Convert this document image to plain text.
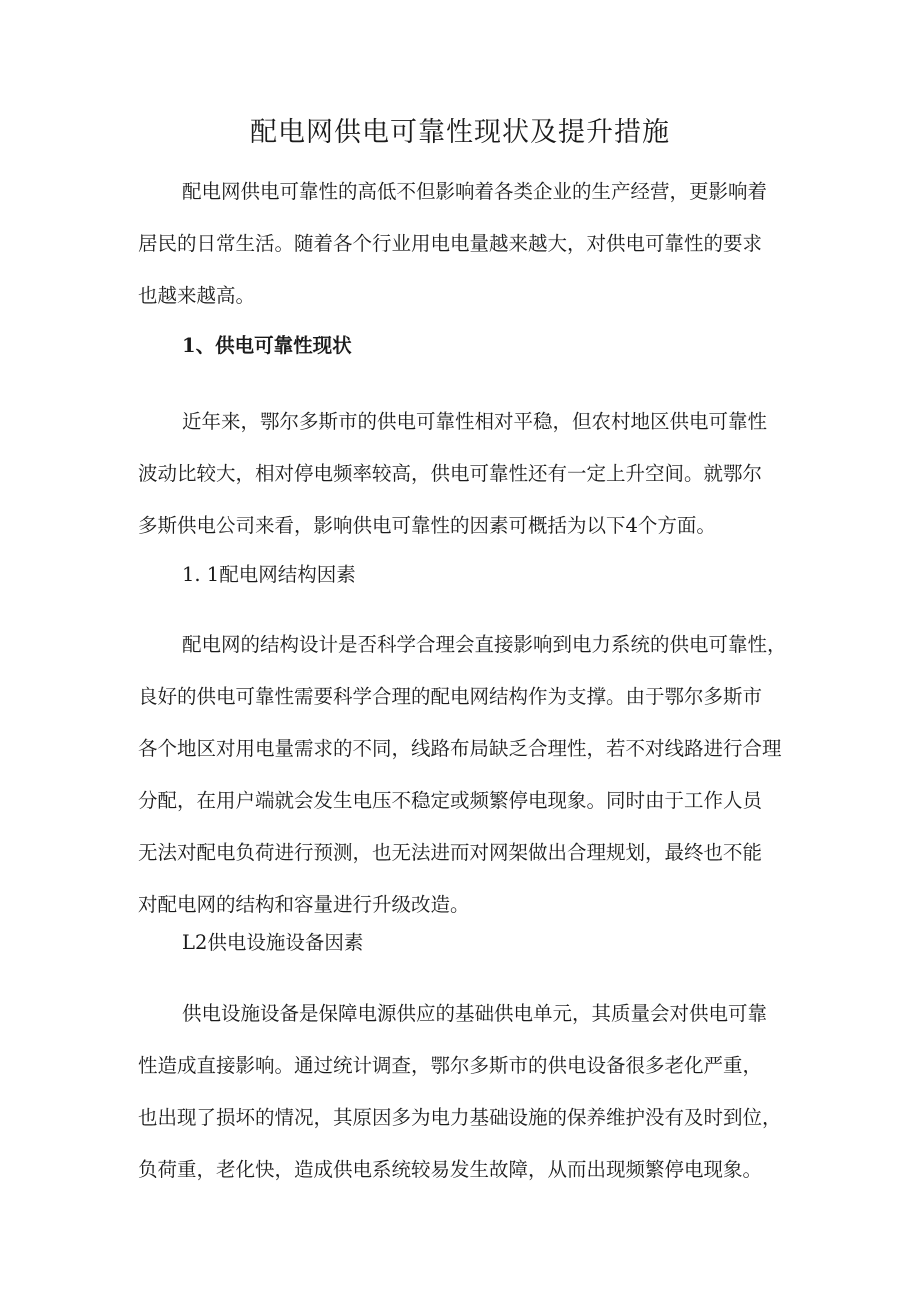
配电网供电可靠性现状及提升措施
配电网供电可靠性的高低不但影响着各类企业的生产经营，更影响着
居民的日常生活。随着各个行业用电电量越来越大，对供电可靠性的要求
也越来越高。
1、供电可靠性现状
近年来，鄂尔多斯市的供电可靠性相对平稳，但农村地区供电可靠性
波动比较大，相对停电频率较高，供电可靠性还有一定上升空间。就鄂尔
多斯供电公司来看，影响供电可靠性的因素可概括为以下4个方面。
1. 1配电网结构因素
配电网的结构设计是否科学合理会直接影响到电力系统的供电可靠性，
良好的供电可靠性需要科学合理的配电网结构作为支撑。由于鄂尔多斯市
各个地区对用电量需求的不同，线路布局缺乏合理性，若不对线路进行合理
分配，在用户端就会发生电压不稳定或频繁停电现象。同时由于工作人员
无法对配电负荷进行预测，也无法进而对网架做出合理规划，最终也不能
对配电网的结构和容量进行升级改造。
L2供电设施设备因素
供电设施设备是保障电源供应的基础供电单元，其质量会对供电可靠
性造成直接影响。通过统计调查，鄂尔多斯市的供电设备很多老化严重，
也出现了损坏的情况，其原因多为电力基础设施的保养维护没有及时到位，
负荷重，老化快，造成供电系统较易发生故障，从而出现频繁停电现象。
